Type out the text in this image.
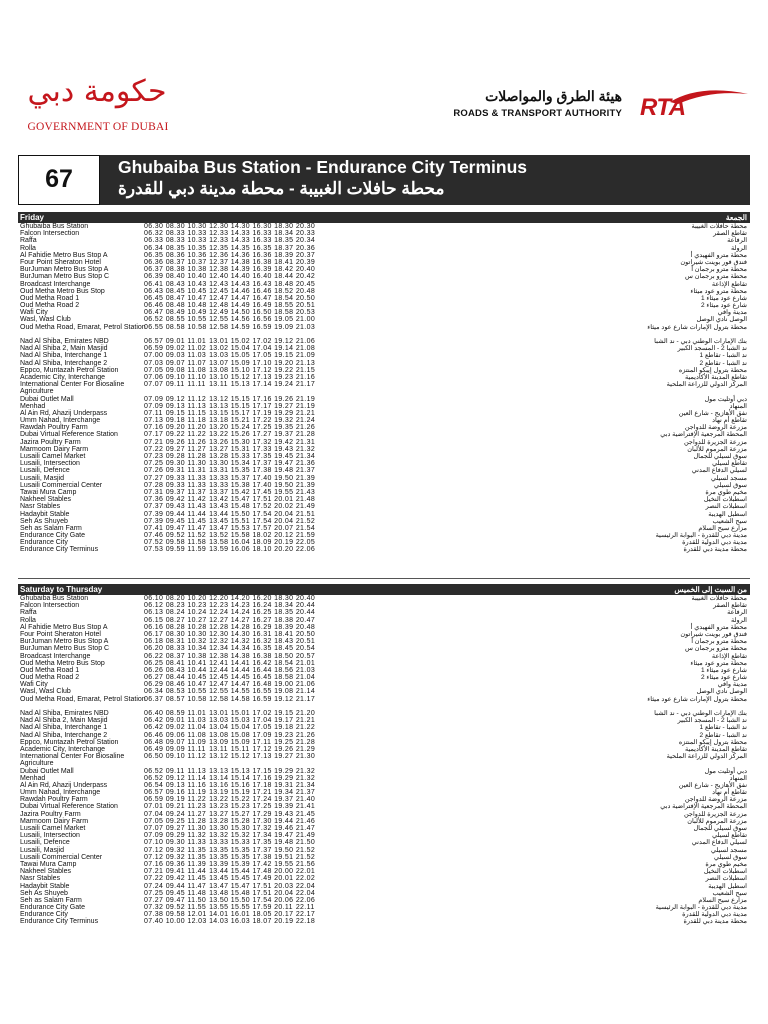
حكومة دبي
GOVERNMENT OF DUBAI
هيئة الطرق والمواصلات
ROADS & TRANSPORT AUTHORITY RTA
67	Ghubaiba Bus Station - Endurance City Terminus
محطة حافلات الغبيبة - محطة مدينة دبي للقدرة
Friday	الجمعة
Ghubaiba Bus Station	06.30 08.30 10.30 12.30 14.30 16.30 18.30 20.30	محطة حافلات الغبيبة
Falcon Intersection	06.32 08.33 10.33 12.33 14.33 16.33 18.34 20.33	تقاطع الصقر
Raffa	06.33 08.33 10.33 12.33 14.33 16.33 18.35 20.34	الرفاعة
Rolla	06.34 08.35 10.35 12.35 14.35 16.35 18.37 20.36	الرولة
Al Fahidie Metro Bus Stop A	06.35 08.36 10.36 12.36 14.36 16.36 18.39 20.37	محطة مترو الفهيدي أ
Four Point Sheraton Hotel	06.36 08.37 10.37 12.37 14.38 16.38 18.41 20.39	فندق فور بوينت شيراتون
BurJuman Metro Bus Stop A	06.37 08.38 10.38 12.38 14.39 16.39 18.42 20.40	محطة مترو برجمان أ
BurJuman Metro Bus Stop C	06.39 08.40 10.40 12.40 14.40 16.40 18.44 20.42	محطة مترو برجمان س
Broadcast Interchange	06.41 08.43 10.43 12.43 14.43 16.43 18.48 20.45	تقاطع الإذاعة
Oud Metha Metro Bus Stop	06.43 08.45 10.45 12.45 14.46 16.46 18.52 20.48	محطة مترو عود ميثاء
Oud Metha Road 1	06.45 08.47 10.47 12.47 14.47 16.47 18.54 20.50	شارع عود ميثاء 1
Oud Metha Road 2	06.46 08.48 10.48 12.48 14.49 16.49 18.55 20.51	شارع عود ميثاء 2
Wafi City	06.47 08.49 10.49 12.49 14.50 16.50 18.58 20.53	مدينة وافي
Wasl, Wasl Club	06.52 08.55 10.55 12.55 14.56 16.56 19.05 21.00	الوصل نادي الوصل
Oud Metha Road, Emarat, Petrol Station
06.55 08.58 10.58 12.58 14.59 16.59 19.09 21.03	محطة بترول الإمارات شارع عود ميثاء
Nad Al Shiba, Emirates NBD	06.57 09.01 11.01 13.01 15.02 17.02 19.12 21.06	بنك الإمارات الوطني دبي - ند الشبا
Nad Al Shiba 2, Main Masjid	06.59 09.02 11.02 13.02 15.04 17.04 19.14 21.08	ند الشبا 2 - المسجد الكبير
Nad Al Shiba, Interchange 1	07.00 09.03 11.03 13.03 15.05 17.05 19.15 21.09	ند الشبا - تقاطع 1
Nad Al Shiba, Interchange 2	07.03 09.07 11.07 13.07 15.09 17.10 19.20 21.13	ند الشبا - تقاطع 2
Eppco, Muntazah Petrol Station	07.05 09.08 11.08 13.08 15.10 17.12 19.22 21.15	محطة بترول إيبكو المنتزه
Academic City, Interchange	07.06 09.10 11.10 13.10 15.12 17.13 19.23 21.16	تقاطع المدينة الأكاديمية
International Center For Biosaline Agriculture
07.07 09.11 11.11 13.11 15.13 17.14 19.24 21.17	المركز الدولي للزراعة الملحية
Dubai Outlet Mall	07.09 09.12 11.12 13.12 15.15 17.16 19.26 21.19	دبي أوتليت مول
Menhad	07.09 09.13 11.13 13.13 15.15 17.17 19.27 21.19	المنهاد
Al Ain Rd, Ahazij Underpass	07.11 09.15 11.15 13.15 15.17 17.19 19.29 21.21	نفق الأهازيج - شارع العين
Umm Nahad, Interchange	07.13 09.18 11.18 13.18 15.21 17.22 19.32 21.24	تقاطع أم نهاد
Rawdah Poultry Farm	07.16 09.20 11.20 13.20 15.24 17.25 19.35 21.26	مزرعة الروضة للدواجن
Dubai Virtual Reference Station	07.17 09.22 11.22 13.22 15.26 17.27 19.37 21.28	المحطة المرجعية الإفتراضية دبي
Jazira Poultry Farm	07.21 09.26 11.26 13.26 15.30 17.32 19.42 21.31	مزرعة الجزيرة للدواجن
Marmoom Dairy Farm	07.22 09.27 11.27 13.27 15.31 17.33 19.43 21.32	مزرعة المرموم للألبان
Lusaili Camel Market	07.23 09.28 11.28 13.28 15.33 17.35 19.45 21.34	سوق لسيلي للجمال
Lusaili, Intersection	07.25 09.30 11.30 13.30 15.34 17.37 19.47 21.36	تقاطع لسيلي
Lusaili, Defence	07.26 09.31 11.31 13.31 15.35 17.38 19.48 21.37	لسيلي الدفاع المدني
Lusaili, Masjid	07.27 09.33 11.33 13.33 15.37 17.40 19.50 21.39	مسجد لسيلي
Lusaili Commercial Center	07.28 09.33 11.33 13.33 15.38 17.40 19.50 21.39	سوق لسيلي
Tawai Mura Camp	07.31 09.37 11.37 13.37 15.42 17.45 19.55 21.43	مخيم طوي مرة
Nakheel Stables	07.36 09.42 11.42 13.42 15.47 17.51 20.01 21.48	اسطبلات النخيل
Nasr Stables	07.37 09.43 11.43 13.43 15.48 17.52 20.02 21.49	اسطبلات النصر
Hadaybit Stable	07.39 09.44 11.44 13.44 15.50 17.54 20.04 21.51	اسطبل الهديبة
Seh As Shuyeb	07.39 09.45 11.45 13.45 15.51 17.54 20.04 21.52	سيح الشعيب
Seh as Salam Farm	07.41 09.47 11.47 13.47 15.53 17.57 20.07 21.54	مزارع سيح السلام
Endurance City Gate	07.46 09.52 11.52 13.52 15.58 18.02 20.12 21.59	مدينة دبي للقدرة - البوابة الرئيسية
Endurance City	07.52 09.58 11.58 13.58 16.04 18.09 20.19 22.05	مدينة دبي الدولية للقدرة
Endurance City Terminus	07.53 09.59 11.59 13.59 16.06 18.10 20.20 22.06	محطة مدينة دبي للقدرة
Saturday to Thursday	من السبت إلى الخميس
Ghubaiba Bus Station	06.10 08.20 10.20 12.20 14.20 16.20 18.30 20.40	محطة حافلات الغبيبة
Falcon Intersection	06.12 08.23 10.23 12.23 14.23 16.24 18.34 20.44	تقاطع الصقر
Raffa	06.13 08.24 10.24 12.24 14.24 16.25 18.35 20.44	الرفاعة
Rolla	06.15 08.27 10.27 12.27 14.27 16.27 18.38 20.47	الرولة
Al Fahidie Metro Bus Stop A	06.16 08.28 10.28 12.28 14.28 16.29 18.39 20.48	محطة مترو الفهيدي أ
Four Point Sheraton Hotel	06.17 08.30 10.30 12.30 14.30 16.31 18.41 20.50	فندق فور بوينت شيراتون
BurJuman Metro Bus Stop A	06.18 08.31 10.32 12.32 14.32 16.32 18.43 20.51	محطة مترو برجمان أ
BurJuman Metro Bus Stop C	06.20 08.33 10.34 12.34 14.34 16.35 18.45 20.54	محطة مترو برجمان س
Broadcast Interchange	06.22 08.37 10.38 12.38 14.38 16.38 18.50 20.57	تقاطع الإذاعة
Oud Metha Metro Bus Stop	06.25 08.41 10.41 12.41 14.41 16.42 18.54 21.01	محطة مترو عود ميثاء
Oud Metha Road 1	06.26 08.43 10.44 12.44 14.44 16.44 18.56 21.03	شارع عود ميثاء 1
Oud Metha Road 2	06.27 08.44 10.45 12.45 14.45 16.45 18.58 21.04	شارع عود ميثاء 2
Wafi City	06.29 08.46 10.47 12.47 14.47 16.48 19.00 21.06	مدينة وافي
Wasl, Wasl Club	06.34 08.53 10.55 12.55 14.55 16.55 19.08 21.14	الوصل نادي الوصل
Oud Metha Road, Emarat, Petrol Station
06.37 08.57 10.58 12.58 14.58 16.59 19.12 21.17	محطة بترول الإمارات شارع عود ميثاء
Nad Al Shiba, Emirates NBD	06.40 08.59 11.01 13.01 15.01 17.02 19.15 21.20	بنك الإمارات الوطني دبي - ند الشبا
Nad Al Shiba 2, Main Masjid	06.42 09.01 11.03 13.03 15.03 17.04 19.17 21.21	ند الشبا 2 - المسجد الكبير
Nad Al Shiba, Interchange 1	06.42 09.02 11.04 13.04 15.04 17.05 19.18 21.22	ند الشبا - تقاطع 1
Nad Al Shiba, Interchange 2	06.46 09.06 11.08 13.08 15.08 17.09 19.23 21.26	ند الشبا - تقاطع 2
Eppco, Muntazah Petrol Station	06.48 09.07 11.09 13.09 15.09 17.11 19.25 21.28	محطة بترول إيبكو المنتزه
Academic City, Interchange	06.49 09.09 11.11 13.11 15.11 17.12 19.26 21.29	تقاطع المدينة الأكاديمية
International Center For Biosaline Agriculture
06.50 09.10 11.12 13.12 15.12 17.13 19.27 21.30	المركز الدولي للزراعة الملحية
Dubai Outlet Mall	06.52 09.11 11.13 13.13 15.13 17.15 19.29 21.32	دبي أوتليت مول
Menhad	06.52 09.12 11.14 13.14 15.14 17.16 19.29 21.32	المنهاد
Al Ain Rd, Ahazij Underpass	06.54 09.13 11.16 13.16 15.16 17.18 19.31 21.34	نفق الأهازيج - شارع العين
Umm Nahad, Interchange	06.57 09.16 11.19 13.19 15.19 17.21 19.34 21.37	تقاطع أم نهاد
Rawdah Poultry Farm	06.59 09.19 11.22 13.22 15.22 17.24 19.37 21.40	مزرعة الروضة للدواجن
Dubai Virtual Reference Station	07.01 09.21 11.23 13.23 15.23 17.25 19.39 21.41	المحطة المرجعية الإفتراضية دبي
Jazira Poultry Farm	07.04 09.24 11.27 13.27 15.27 17.29 19.43 21.45	مزرعة الجزيرة للدواجن
Marmoom Dairy Farm	07.05 09.25 11.28 13.28 15.28 17.30 19.44 21.46	مزرعة المرموم للألبان
Lusaili Camel Market	07.07 09.27 11.30 13.30 15.30 17.32 19.46 21.47	سوق لسيلي للجمال
Lusaili, Intersection	07.09 09.29 11.32 13.32 15.32 17.34 19.47 21.49	تقاطع لسيلي
Lusaili, Defence	07.10 09.30 11.33 13.33 15.33 17.35 19.48 21.50	لسيلي الدفاع المدني
Lusaili, Masjid	07.12 09.32 11.35 13.35 15.35 17.37 19.50 21.52	مسجد لسيلي
Lusaili Commercial Center	07.12 09.32 11.35 13.35 15.35 17.38 19.51 21.52	سوق لسيلي
Tawai Mura Camp	07.16 09.36 11.39 13.39 15.39 17.42 19.55 21.56	مخيم طوي مرة
Nakheel Stables	07.21 09.41 11.44 13.44 15.44 17.48 20.00 22.01	اسطبلات النخيل
Nasr Stables	07.22 09.42 11.45 13.45 15.45 17.49 20.01 22.02	اسطبلات النصر
Hadaybit Stable	07.24 09.44 11.47 13.47 15.47 17.51 20.03 22.04	اسطبل الهديبة
Seh As Shuyeb	07.25 09.45 11.48 13.48 15.48 17.51 20.04 22.04	سيح الشعيب
Seh as Salam Farm	07.27 09.47 11.50 13.50 15.50 17.54 20.06 22.06	مزارع سيح السلام
Endurance City Gate	07.32 09.52 11.55 13.55 15.55 17.59 20.11 22.11	مدينة دبي للقدرة - البوابة الرئيسية
Endurance City	07.38 09.58 12.01 14.01 16.01 18.05 20.17 22.17	مدينة دبي الدولية للقدرة
Endurance City Terminus	07.40 10.00 12.03 14.03 16.03 18.07 20.19 22.18	محطة مدينة دبي للقدرة
